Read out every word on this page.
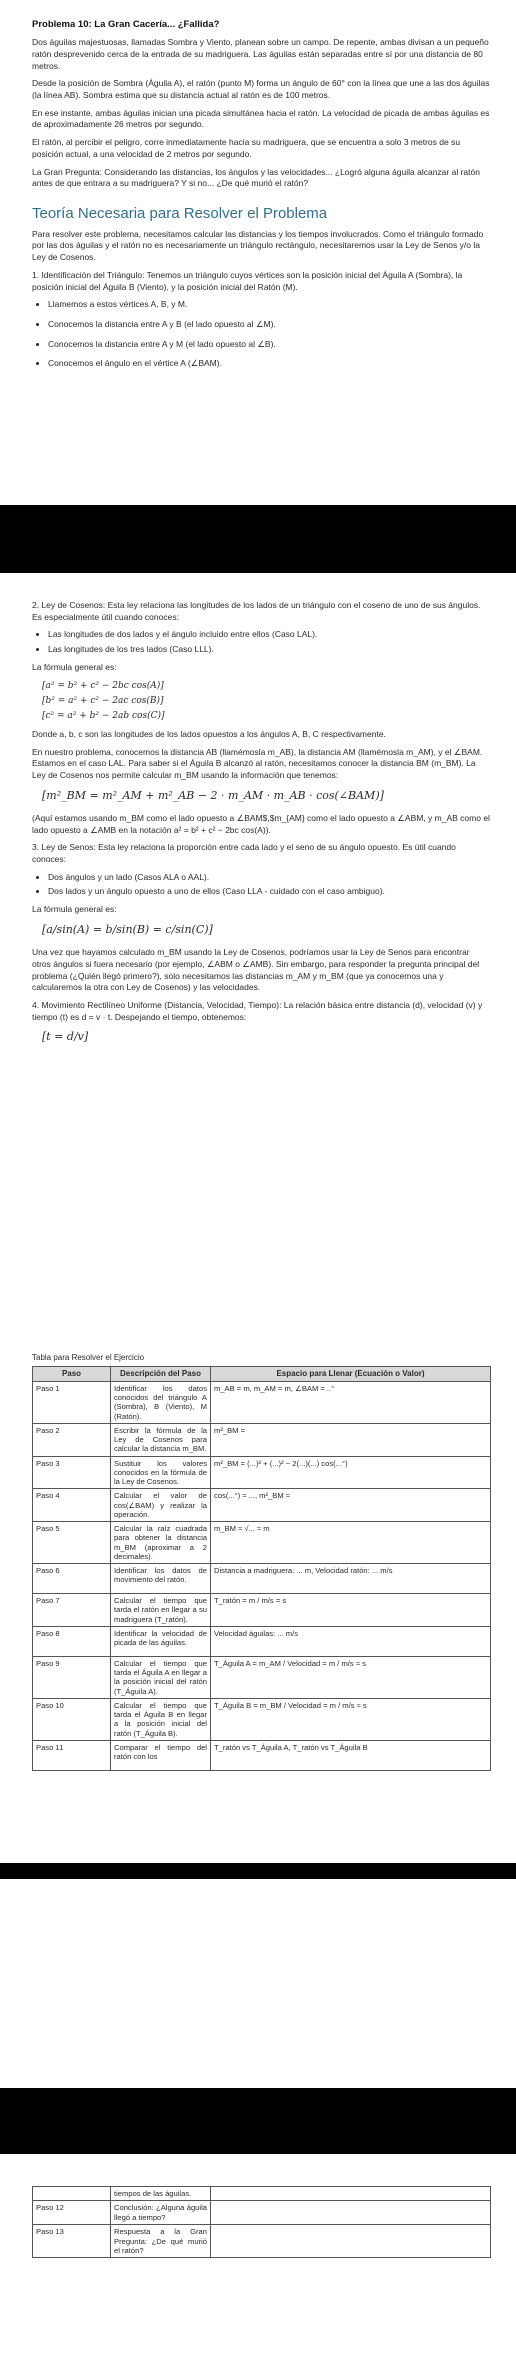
Problema 10: La Gran Cacería... ¿Fallida?

Dos águilas majestuosas, llamadas Sombra y Viento, planean sobre un campo. De repente, ambas divisan a un pequeño ratón desprevenido cerca de la entrada de su madriguera. Las águilas están separadas entre sí por una distancia de 80 metros.

Desde la posición de Sombra (Águila A), el ratón (punto M) forma un ángulo de 60° con la línea que une a las dos águilas (la línea AB). Sombra estima que su distancia actual al ratón es de 100 metros.

En ese instante, ambas águilas inician una picada simultánea hacia el ratón. La velocidad de picada de ambas águilas es de aproximadamente 26 metros por segundo.

El ratón, al percibir el peligro, corre inmediatamente hacia su madriguera, que se encuentra a solo 3 metros de su posición actual, a una velocidad de 2 metros por segundo.

La Gran Pregunta: Considerando las distancias, los ángulos y las velocidades... ¿Logró alguna águila alcanzar al ratón antes de que entrara a su madriguera? Y si no... ¿De qué murió el ratón?

Teoría Necesaria para Resolver el Problema

Para resolver este problema, necesitamos calcular las distancias y los tiempos involucrados. Como el triángulo formado por las dos águilas y el ratón no es necesariamente un triángulo rectángulo, necesitaremos usar la Ley de Senos y/o la Ley de Cosenos.

1. Identificación del Triángulo: Tenemos un triángulo cuyos vértices son la posición inicial del Águila A (Sombra), la posición inicial del Águila B (Viento), y la posición inicial del Ratón (M).

• Llamemos a estos vértices A, B, y M.
• Conocemos la distancia entre A y B (el lado opuesto al ∠M).
• Conocemos la distancia entre A y M (el lado opuesto al ∠B).
• Conocemos el ángulo en el vértice A (∠BAM).

2. Ley de Cosenos: Esta ley relaciona las longitudes de los lados de un triángulo con el coseno de uno de sus ángulos. Es especialmente útil cuando conoces:

• Las longitudes de dos lados y el ángulo incluido entre ellos (Caso LAL).
• Las longitudes de los tres lados (Caso LLL).

La fórmula general es:

[a² = b² + c² − 2bc cos(A)]
[b² = a² + c² − 2ac cos(B)]
[c² = a² + b² − 2ab cos(C)]

Donde a, b, c son las longitudes de los lados opuestos a los ángulos A, B, C respectivamente.

En nuestro problema, conocemos la distancia AB (llamémosla m_AB), la distancia AM (llamémosla m_AM), y el ∠BAM. Estamos en el caso LAL. Para saber si el Águila B alcanzó al ratón, necesitamos conocer la distancia BM (m_BM). La Ley de Cosenos nos permite calcular m_BM usando la información que tenemos:

[m²_BM = m²_AM + m²_AB − 2 · m_AM · m_AB · cos(∠BAM)]

(Aquí estamos usando m_BM como el lado opuesto a ∠BAM$,$m_{AM} como el lado opuesto a ∠ABM, y m_AB como el lado opuesto a ∠AMB en la notación a² = b² + c² − 2bc cos(A)).

3. Ley de Senos: Esta ley relaciona la proporción entre cada lado y el seno de su ángulo opuesto. Es útil cuando conoces:

• Dos ángulos y un lado (Casos ALA o AAL).
• Dos lados y un ángulo opuesto a uno de ellos (Caso LLA - cuidado con el caso ambiguo).

La fórmula general es:

[a/sin(A) = b/sin(B) = c/sin(C)]

Una vez que hayamos calculado m_BM usando la Ley de Cosenos, podríamos usar la Ley de Senos para encontrar otros ángulos si fuera necesario (por ejemplo, ∠ABM o ∠AMB). Sin embargo, para responder la pregunta principal del problema (¿Quién llegó primero?), solo necesitamos las distancias m_AM y m_BM (que ya conocemos una y calcularemos la otra con Ley de Cosenos) y las velocidades.

4. Movimiento Rectilíneo Uniforme (Distancia, Velocidad, Tiempo): La relación básica entre distancia (d), velocidad (v) y tiempo (t) es d = v · t. Despejando el tiempo, obtenemos:

[t = d/v]
Tabla para Resolver el Ejercicio
Paso	Descripción del Paso	Espacio para Llenar (Ecuación o Valor)
Paso 1	Identificar los datos conocidos del triángulo A (Sombra), B (Viento), M (Ratón).	m_AB = m, m_AM = m, ∠BAM = ..°
Paso 2	Escribir la fórmula de la Ley de Cosenos para calcular la distancia m_BM.	m²_BM =
Paso 3	Sustituir los valores conocidos en la fórmula de la Ley de Cosenos.	m²_BM = (...)² + (...)² − 2(...)(...) cos(...°)
Paso 4	Calcular el valor de cos(∠BAM) y realizar la operación.	cos(...°) ≈ ..., m²_BM ≈
Paso 5	Calcular la raíz cuadrada para obtener la distancia m_BM (aproximar a 2 decimales).	m_BM ≈ √... ≈ m
Paso 6	Identificar los datos de movimiento del ratón.	Distancia a madriguera: ... m, Velocidad ratón: ... m/s
Paso 7	Calcular el tiempo que tarda el ratón en llegar a su madriguera (T_ratón).	T_ratón = m / m/s = s
Paso 8	Identificar la velocidad de picada de las águilas.	Velocidad águilas: ... m/s
Paso 9	Calcular el tiempo que tarda el Águila A en llegar a la posición inicial del ratón (T_Águila A).	T_Águila A = m_AM / Velocidad = m / m/s ≈ s
Paso 10	Calcular el tiempo que tarda el Águila B en llegar a la posición inicial del ratón (T_Águila B).	T_Águila B = m_BM / Velocidad = m / m/s ≈ s
Paso 11	Comparar el tiempo del ratón con los	T_ratón vs T_Águila A, T_ratón vs T_Águila B
	tiempos de las águilas.	
Paso 12	Conclusión: ¿Alguna águila llegó a tiempo?	
Paso 13	Respuesta a la Gran Pregunta: ¿De qué murió el ratón?	
